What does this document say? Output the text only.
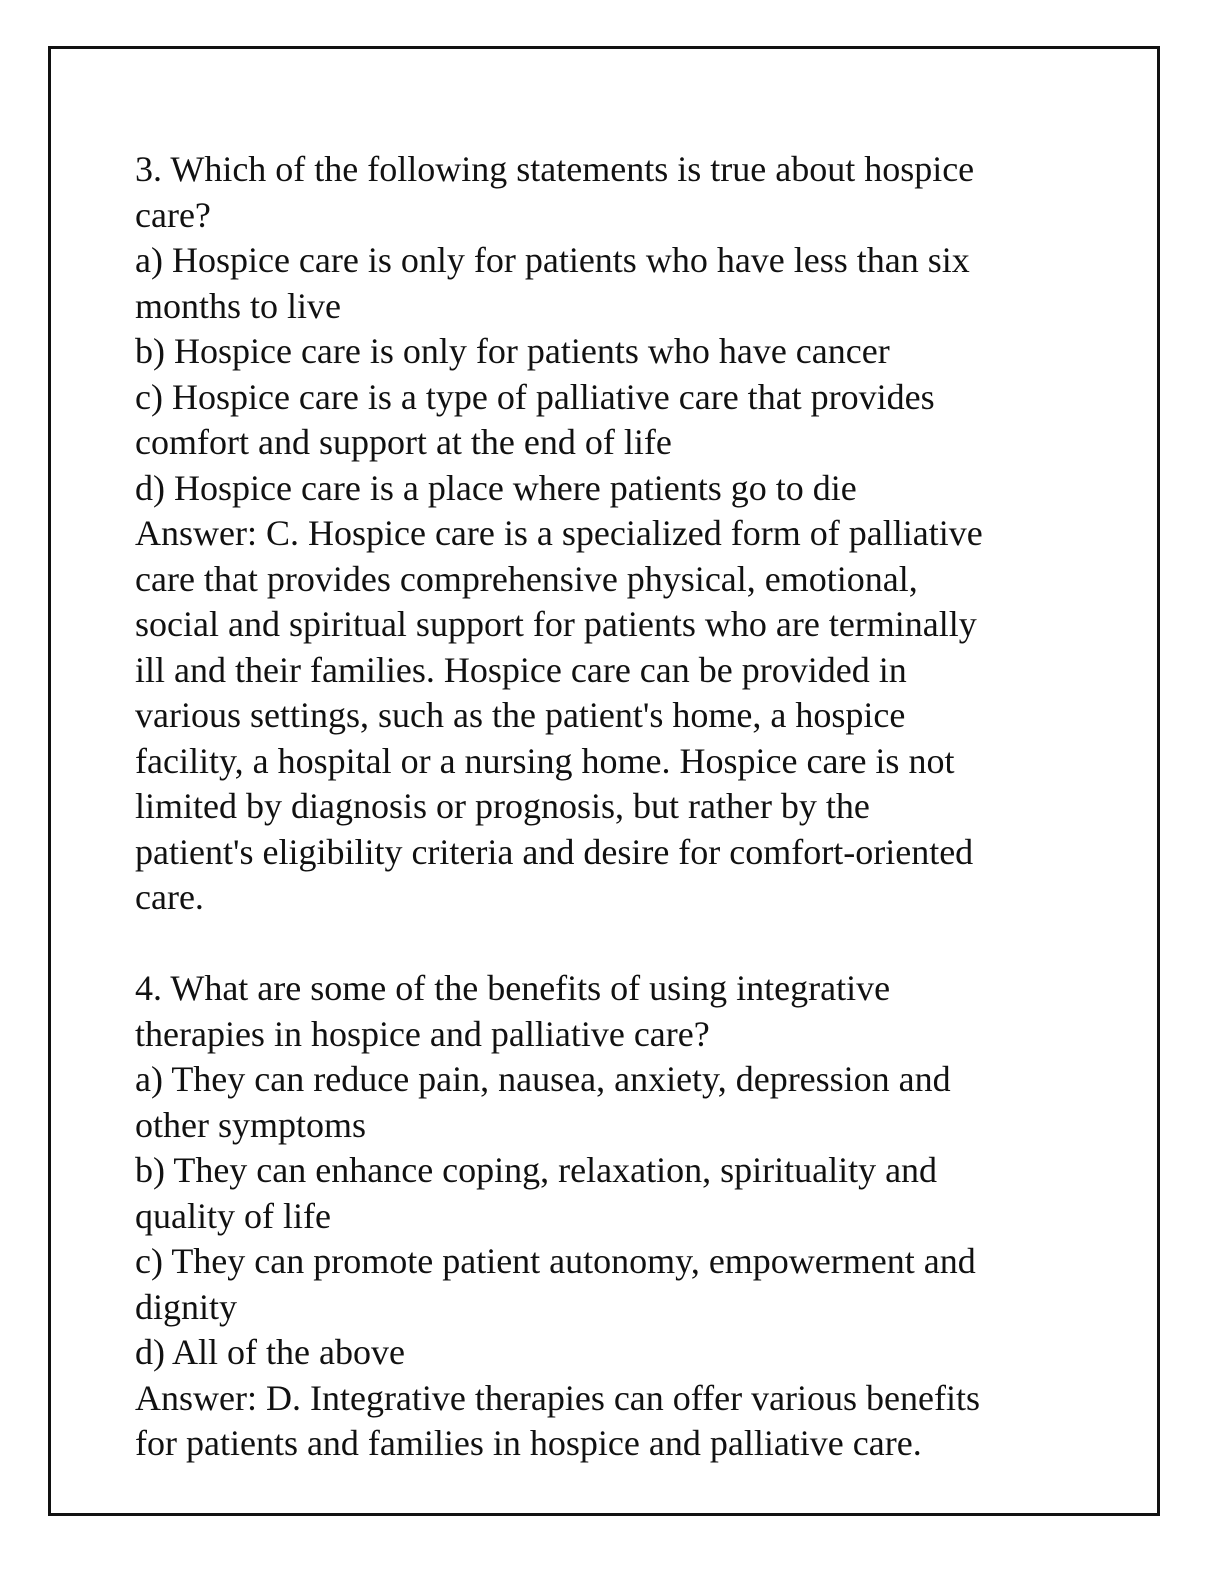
3. Which of the following statements is true about hospice
care?
a) Hospice care is only for patients who have less than six
months to live
b) Hospice care is only for patients who have cancer
c) Hospice care is a type of palliative care that provides
comfort and support at the end of life
d) Hospice care is a place where patients go to die
Answer: C. Hospice care is a specialized form of palliative
care that provides comprehensive physical, emotional,
social and spiritual support for patients who are terminally
ill and their families. Hospice care can be provided in
various settings, such as the patient's home, a hospice
facility, a hospital or a nursing home. Hospice care is not
limited by diagnosis or prognosis, but rather by the
patient's eligibility criteria and desire for comfort-oriented
care.
4. What are some of the benefits of using integrative
therapies in hospice and palliative care?
a) They can reduce pain, nausea, anxiety, depression and
other symptoms
b) They can enhance coping, relaxation, spirituality and
quality of life
c) They can promote patient autonomy, empowerment and
dignity
d) All of the above
Answer: D. Integrative therapies can offer various benefits
for patients and families in hospice and palliative care.
